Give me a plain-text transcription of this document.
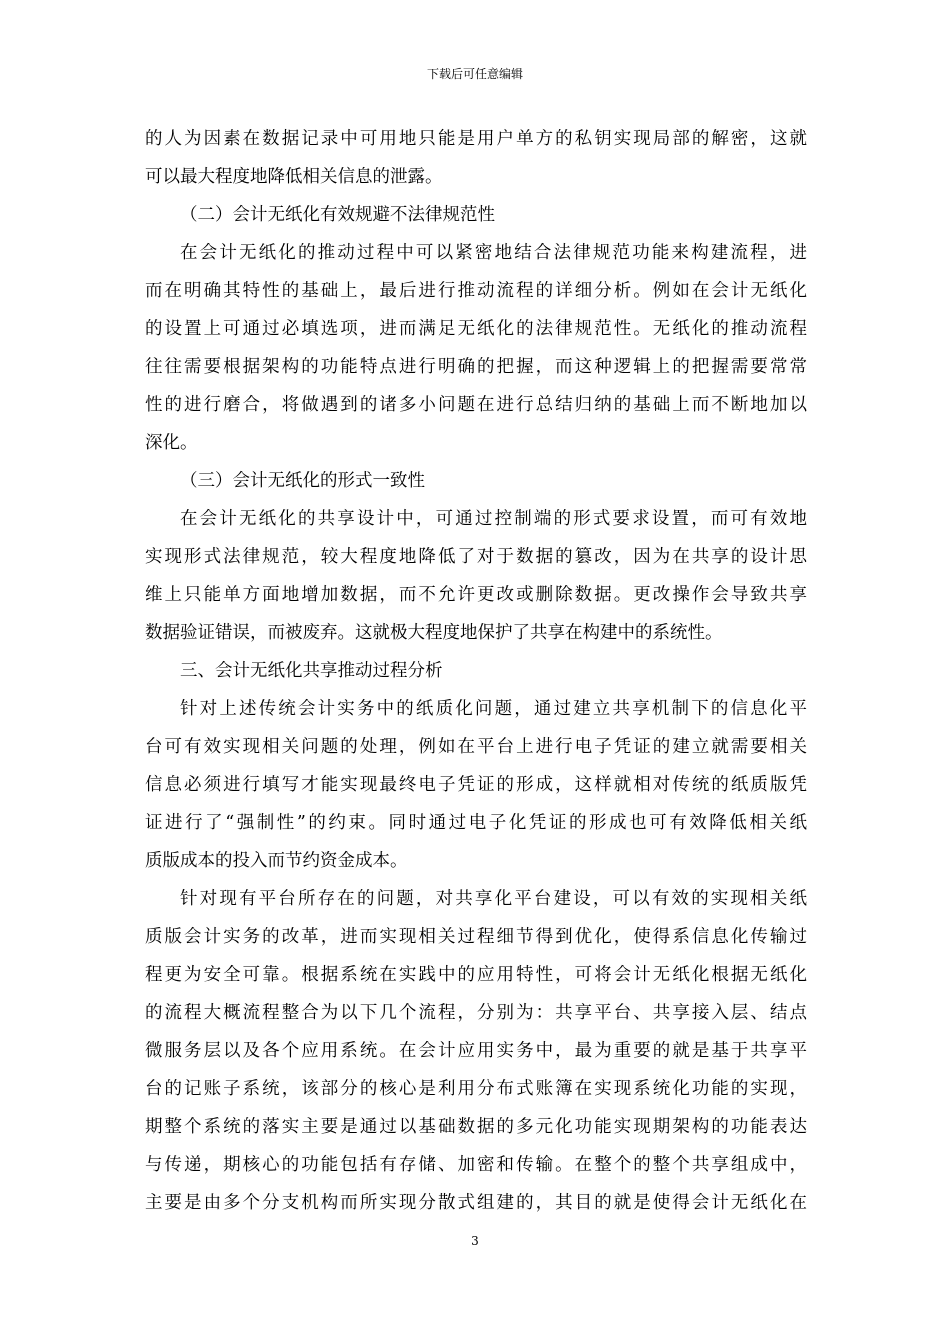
下载后可任意编辑
的人为因素在数据记录中可用地只能是用户单方的私钥实现局部的解密，这就
可以最大程度地降低相关信息的泄露。
（二）会计无纸化有效规避不法律规范性
在会计无纸化的推动过程中可以紧密地结合法律规范功能来构建流程，进
而在明确其特性的基础上，最后进行推动流程的详细分析。例如在会计无纸化
的设置上可通过必填选项，进而满足无纸化的法律规范性。无纸化的推动流程
往往需要根据架构的功能特点进行明确的把握，而这种逻辑上的把握需要常常
性的进行磨合，将做遇到的诸多小问题在进行总结归纳的基础上而不断地加以
深化。
（三）会计无纸化的形式一致性
在会计无纸化的共享设计中，可通过控制端的形式要求设置，而可有效地
实现形式法律规范，较大程度地降低了对于数据的篡改，因为在共享的设计思
维上只能单方面地增加数据，而不允许更改或删除数据。更改操作会导致共享
数据验证错误，而被废弃。这就极大程度地保护了共享在构建中的系统性。
三、会计无纸化共享推动过程分析
针对上述传统会计实务中的纸质化问题，通过建立共享机制下的信息化平
台可有效实现相关问题的处理，例如在平台上进行电子凭证的建立就需要相关
信息必须进行填写才能实现最终电子凭证的形成，这样就相对传统的纸质版凭
证进行了“强制性”的约束。同时通过电子化凭证的形成也可有效降低相关纸
质版成本的投入而节约资金成本。
针对现有平台所存在的问题，对共享化平台建设，可以有效的实现相关纸
质版会计实务的改革，进而实现相关过程细节得到优化，使得系信息化传输过
程更为安全可靠。根据系统在实践中的应用特性，可将会计无纸化根据无纸化
的流程大概流程整合为以下几个流程，分别为：共享平台、共享接入层、结点
微服务层以及各个应用系统。在会计应用实务中，最为重要的就是基于共享平
台的记账子系统，该部分的核心是利用分布式账簿在实现系统化功能的实现，
期整个系统的落实主要是通过以基础数据的多元化功能实现期架构的功能表达
与传递，期核心的功能包括有存储、加密和传输。在整个的整个共享组成中，
主要是由多个分支机构而所实现分散式组建的，其目的就是使得会计无纸化在
3
